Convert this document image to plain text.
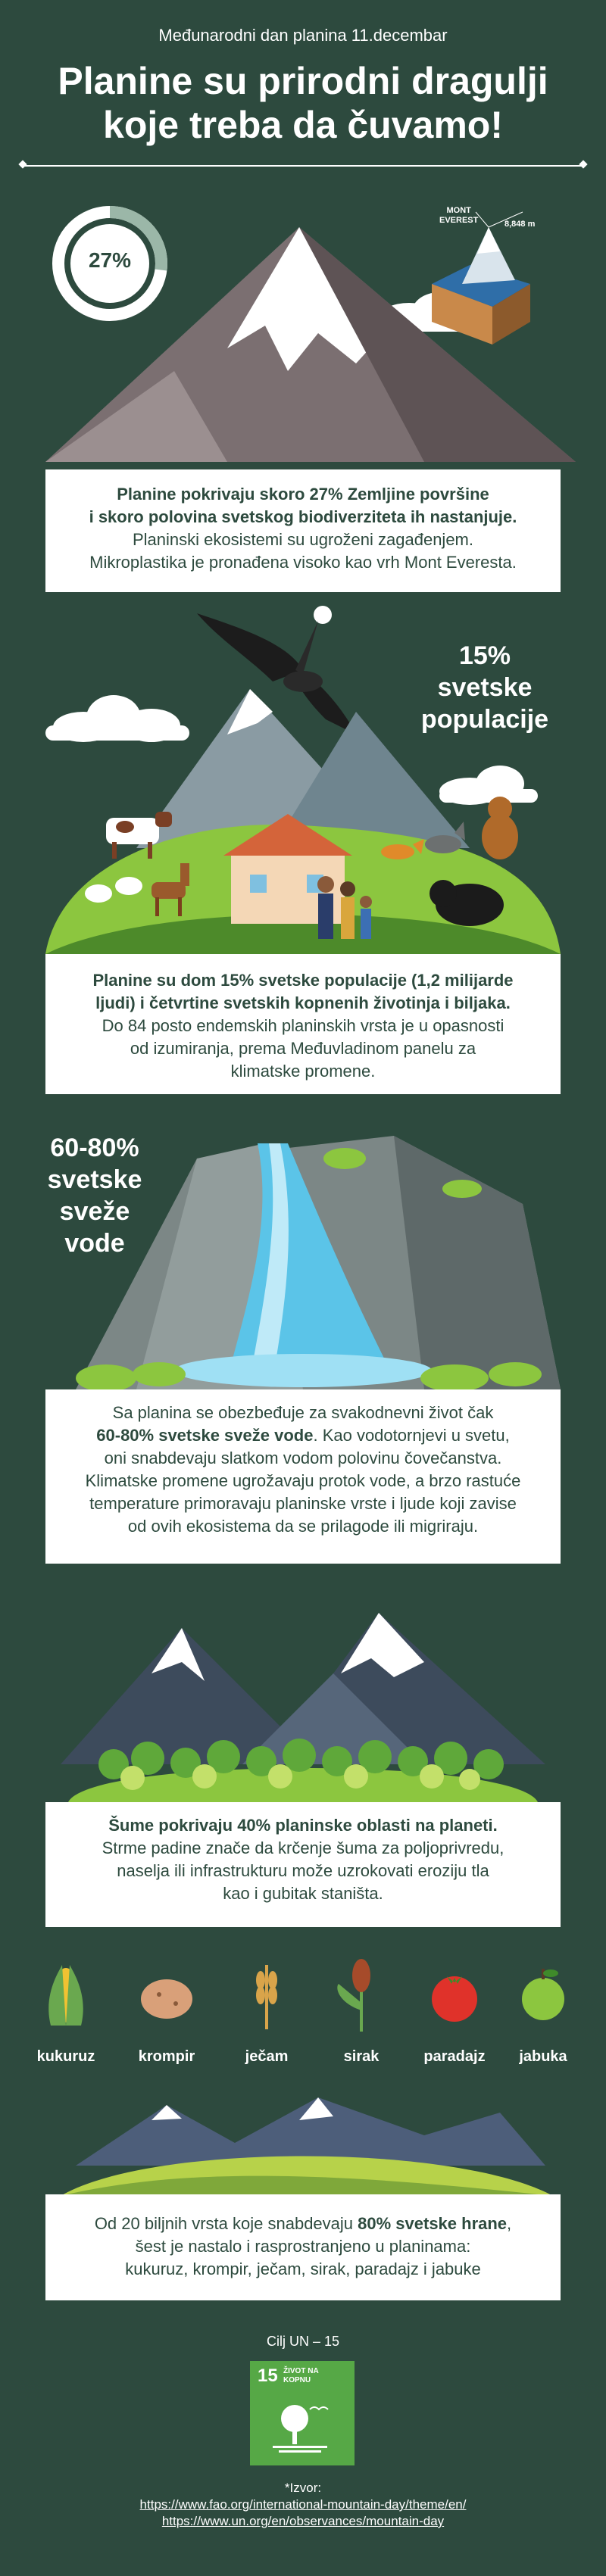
Međunarodni dan planina 11.decembar
Planine su prirodni dragulji
koje treba da čuvamo!
27%
MONT
EVEREST	8,848 m
Planine pokrivaju skoro 27% Zemljine površine
i skoro polovina svetskog biodiverziteta ih nastanjuje.
Planinski ekosistemi su ugroženi zagađenjem.
Mikroplastika je pronađena visoko kao vrh Mont Everesta.
15%
svetske
populacije
Planine su dom 15% svetske populacije (1,2 milijarde
ljudi) i četvrtine svetskih kopnenih životinja i biljaka.
Do 84 posto endemskih planinskih vrsta je u opasnosti
od izumiranja, prema Međuvladinom panelu za
klimatske promene.
60-80%
svetske
sveže
vode
Sa planina se obezbeđuje za svakodnevni život čak
60-80% svetske sveže vode. Kao vodotornjevi u svetu,
oni snabdevaju slatkom vodom polovinu čovečanstva.
Klimatske promene ugrožavaju protok vode, a brzo rastuće
temperature primoravaju planinske vrste i ljude koji zavise
od ovih ekosistema da se prilagode ili migriraju.
Šume pokrivaju 40% planinske oblasti na planeti.
Strme padine znače da krčenje šuma za poljoprivredu,
naselja ili infrastrukturu može uzrokovati eroziju tla
kao i gubitak staništa.
kukuruz	krompir	ječam	sirak	paradajz	jabuka
Od 20 biljnih vrsta koje snabdevaju 80% svetske hrane,
šest je nastalo i rasprostranjeno u planinama:
kukuruz, krompir, ječam, sirak, paradajz i jabuke
Cilj UN – 15
15 ŽIVOT NA
KOPNU
*Izvor:
https://www.fao.org/international-mountain-day/theme/en/
https://www.un.org/en/observances/mountain-day
